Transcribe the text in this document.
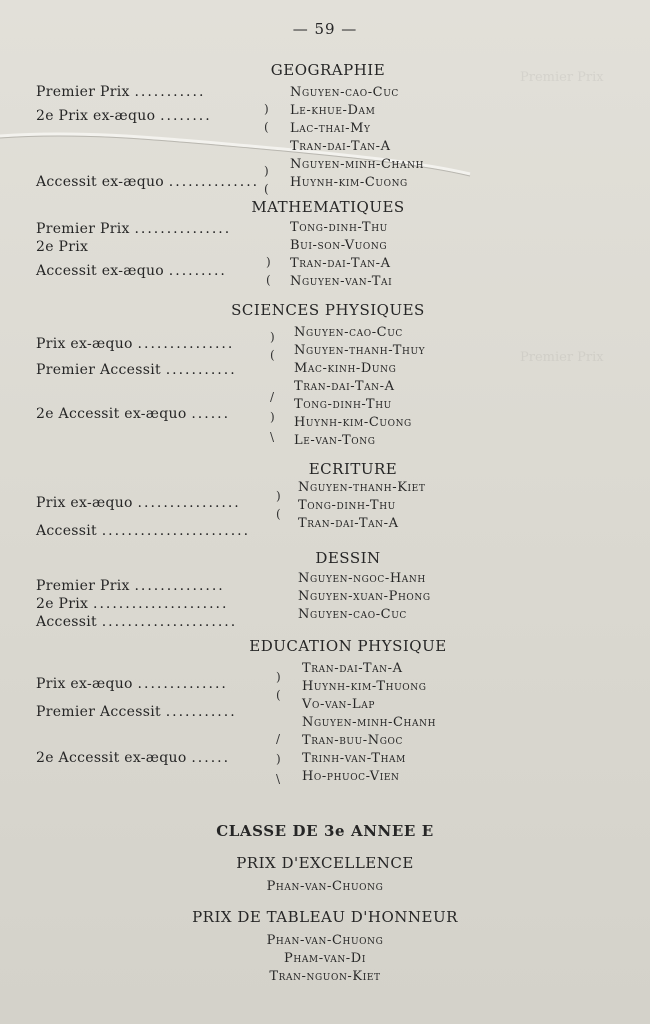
Premier Prix
Premier Prix
— 59 —
GEOGRAPHIE
Premier Prix ...........
2e Prix ex-æquo ........
Accessit ex-æquo ..............
)
(
)
(
Nguyen-cao-Cuc
Le-khue-Dam
Lac-thai-My
Tran-dai-Tan-A
Nguyen-minh-Chanh
Huynh-kim-Cuong
MATHEMATIQUES
Premier Prix ...............
2e Prix
Accessit ex-æquo .........
)
(
Tong-dinh-Thu
Bui-son-Vuong
Tran-dai-Tan-A
Nguyen-van-Tai
SCIENCES PHYSIQUES
Prix ex-æquo ...............
Premier Accessit ...........
2e Accessit ex-æquo ......
)
(
/
)
\
Nguyen-cao-Cuc
Nguyen-thanh-Thuy
Mac-kinh-Dung
Tran-dai-Tan-A
Tong-dinh-Thu
Huynh-kim-Cuong
Le-van-Tong
ECRITURE
Prix ex-æquo ................
Accessit .......................
)
(
Nguyen-thanh-Kiet
Tong-dinh-Thu
Tran-dai-Tan-A
DESSIN
Premier Prix ..............
2e Prix .....................
Accessit .....................
Nguyen-ngoc-Hanh
Nguyen-xuan-Phong
Nguyen-cao-Cuc
EDUCATION PHYSIQUE
Prix ex-æquo ..............
Premier Accessit ...........
2e Accessit ex-æquo ......
)
(
/
)
\
Tran-dai-Tan-A
Huynh-kim-Thuong
Vo-van-Lap
Nguyen-minh-Chanh
Tran-buu-Ngoc
Trinh-van-Tham
Ho-phuoc-Vien
CLASSE DE 3e ANNEE E
PRIX D'EXCELLENCE
Phan-van-Chuong
PRIX DE TABLEAU D'HONNEUR
Phan-van-Chuong
Pham-van-Di
Tran-nguon-Kiet
